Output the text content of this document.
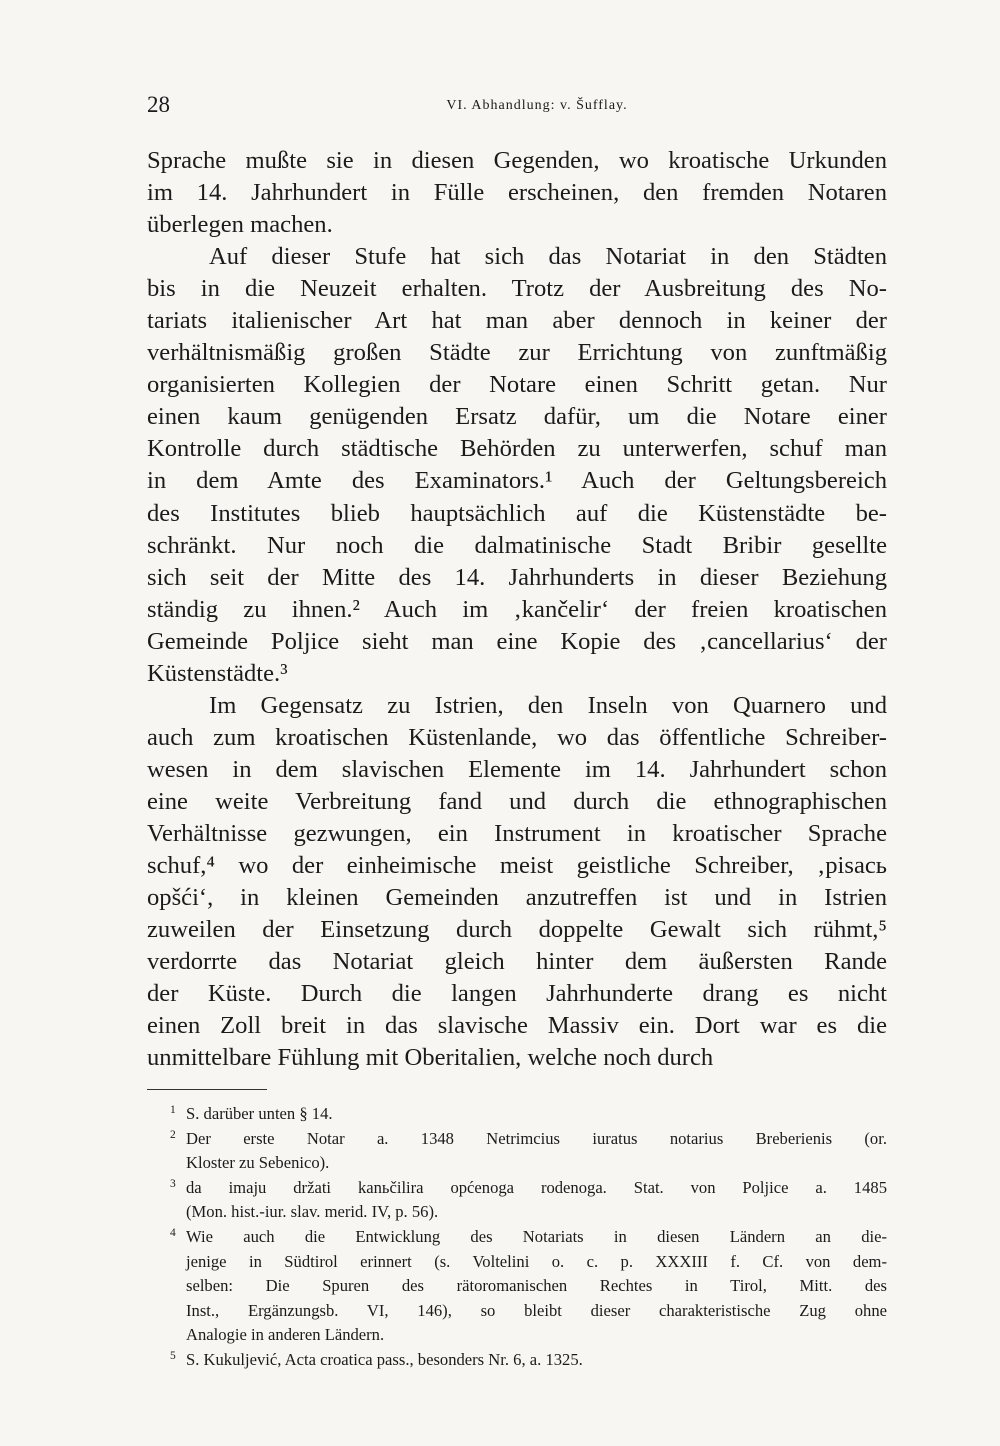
28	VI. Abhandlung: v. Šufflay.

Sprache mußte sie in diesen Gegenden, wo kroatische Urkunden
im 14. Jahrhundert in Fülle erscheinen, den fremden Notaren
überlegen machen.

Auf dieser Stufe hat sich das Notariat in den Städten
bis in die Neuzeit erhalten. Trotz der Ausbreitung des No-
tariats italienischer Art hat man aber dennoch in keiner der
verhältnismäßig großen Städte zur Errichtung von zunftmäßig
organisierten Kollegien der Notare einen Schritt getan. Nur
einen kaum genügenden Ersatz dafür, um die Notare einer
Kontrolle durch städtische Behörden zu unterwerfen, schuf man
in dem Amte des Examinators.¹ Auch der Geltungsbereich
des Institutes blieb hauptsächlich auf die Küstenstädte be-
schränkt. Nur noch die dalmatinische Stadt Bribir gesellte
sich seit der Mitte des 14. Jahrhunderts in dieser Beziehung
ständig zu ihnen.² Auch im ‚kančelir‘ der freien kroatischen
Gemeinde Poljice sieht man eine Kopie des ‚cancellarius‘ der
Küstenstädte.³

Im Gegensatz zu Istrien, den Inseln von Quarnero und
auch zum kroatischen Küstenlande, wo das öffentliche Schreiber-
wesen in dem slavischen Elemente im 14. Jahrhundert schon
eine weite Verbreitung fand und durch die ethnographischen
Verhältnisse gezwungen, ein Instrument in kroatischer Sprache
schuf,⁴ wo der einheimische meist geistliche Schreiber, ‚pisacь
opšći‘, in kleinen Gemeinden anzutreffen ist und in Istrien
zuweilen der Einsetzung durch doppelte Gewalt sich rühmt,⁵
verdorrte das Notariat gleich hinter dem äußersten Rande
der Küste. Durch die langen Jahrhunderte drang es nicht
einen Zoll breit in das slavische Massiv ein. Dort war es die
unmittelbare Fühlung mit Oberitalien, welche noch durch

1 S. darüber unten § 14.
2 Der erste Notar a. 1348 Netrimcius iuratus notarius Breberienis (or.
Kloster zu Sebenico).
3 da imaju držati kanьčilira općenoga rodenoga. Stat. von Poljice a. 1485
(Mon. hist.-iur. slav. merid. IV, p. 56).
4 Wie auch die Entwicklung des Notariats in diesen Ländern an die-
jenige in Südtirol erinnert (s. Voltelini o. c. p. XXXIII f. Cf. von dem-
selben: Die Spuren des rätoromanischen Rechtes in Tirol, Mitt. des
Inst., Ergänzungsb. VI, 146), so bleibt dieser charakteristische Zug ohne
Analogie in anderen Ländern.
5 S. Kukuljević, Acta croatica pass., besonders Nr. 6, a. 1325.
